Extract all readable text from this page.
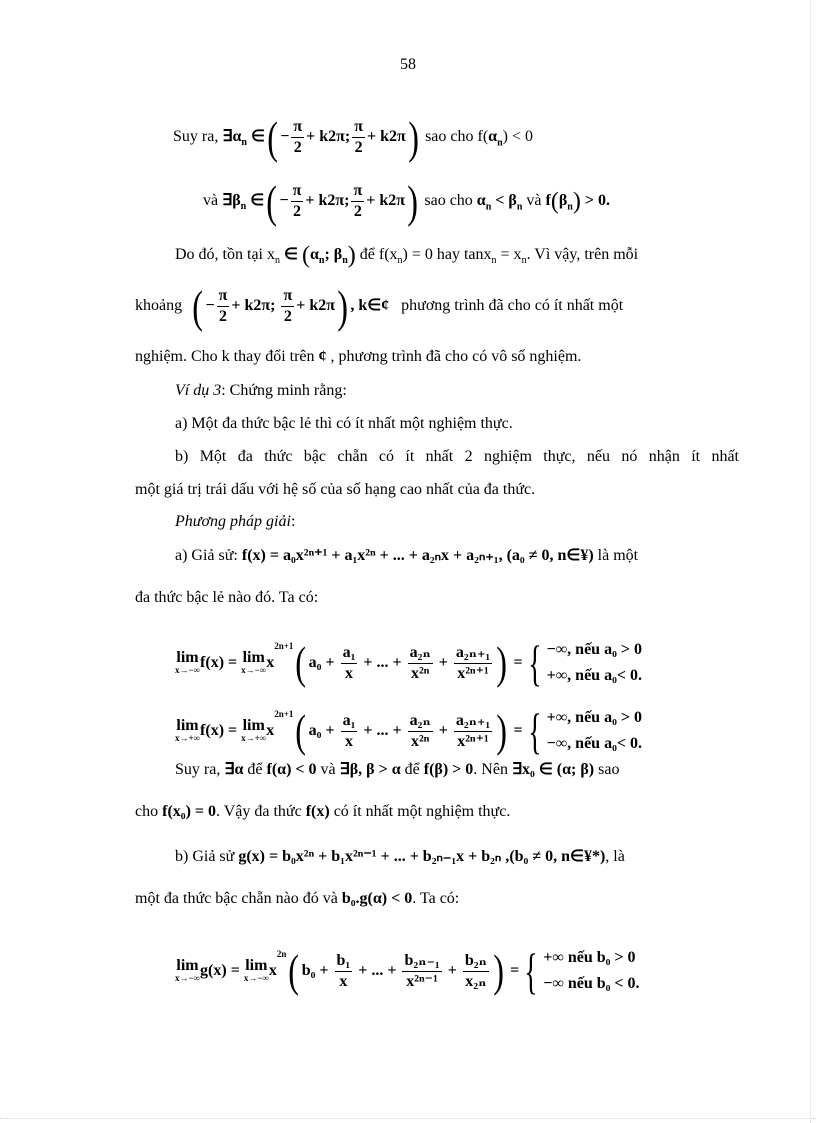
58
Suy ra, $\exists\alpha_n$ ∈( − $\frac{\pi}{2} + k2\pi$; $\frac{\pi}{2} + k2\pi$) sao cho $f(\alpha_n) < 0$
và $\exists\beta_n$ ∈( − $\frac{\pi}{2} + k2\pi$; $\frac{\pi}{2} + k2\pi$) sao cho $\alpha_n < \beta_n$ và $f(\beta_n) > 0$.
Do đó, tồn tại $x_n$ ∈ ($\alpha_n$; $\beta_n$) để $f(x_n) = 0$ hay $\tan x_n = x_n$. Vì vậy, trên mỗi
khoảng ( − $\frac{\pi}{2} + k2\pi$; $\frac{\pi}{2} + k2\pi$) , k∈¢ phương trình đã cho có ít nhất một
nghiệm. Cho k thay đổi trên ¢ , phương trình đã cho có vô số nghiệm.
Ví dụ 3: Chứng minh rằng:
a) Một đa thức bậc lẻ thì có ít nhất một nghiệm thực.
b) Một đa thức bậc chẵn có ít nhất 2 nghiệm thực, nếu nó nhận ít nhất
một giá trị trái dấu với hệ số của số hạng cao nhất của đa thức.
Phương pháp giải:
a) Giả sử: f(x) = a₀x²ⁿ⁺¹ + a₁x²ⁿ + ... + a₂ₙx + a₂ₙ₊₁, (a₀ ≠ 0, n∈¥) là một
đa thức bậc lẻ nào đó. Ta có:
lim
x→−∞ f(x) = lim
x→−∞ $x^{2n+1}$( $a_0 + \frac{\text{a₁}}{x}$ + ... + $\frac{\text{a₂ₙ}}{\text{x²ⁿ}} + \frac{\text{a₂ₙ₊₁}}{\text{x²ⁿ⁺¹}}$ ) = { −∞, nếu a₀ > 0
+∞, nếu a₀< 0.
lim
x→+∞ f(x) = lim
x→+∞ $x^{2n+1}$( $a_0 + \frac{\text{a₁}}{x}$ + ... + $\frac{\text{a₂ₙ}}{\text{x²ⁿ}} + \frac{\text{a₂ₙ₊₁}}{\text{x²ⁿ⁺¹}}$ ) = { +∞, nếu a₀ > 0
−∞, nếu a₀< 0.
Suy ra, ∃α để f(α) < 0 và ∃β, β > α để f(β) > 0. Nên ∃x₀ ∈ (α; β) sao
cho f(x₀) = 0. Vậy đa thức f(x) có ít nhất một nghiệm thực.
b) Giả sử g(x) = b₀x²ⁿ + b₁x²ⁿ⁻¹ + ... + b₂ₙ₋₁x + b₂ₙ ,(b₀ ≠ 0, n∈¥*), là
một đa thức bậc chẵn nào đó và b₀.g(α) < 0. Ta có:
lim
x→−∞ g(x) = lim
x→−∞ $x^{2n}$( $b_0 + \frac{\text{b₁}}{x}$ + ... + $\frac{\text{b₂ₙ₋₁}}{\text{x²ⁿ⁻¹}} + \frac{\text{b₂ₙ}}{\text{x₂ₙ}}$ ) = { +∞ nếu b₀ > 0
−∞ nếu b₀ < 0.
